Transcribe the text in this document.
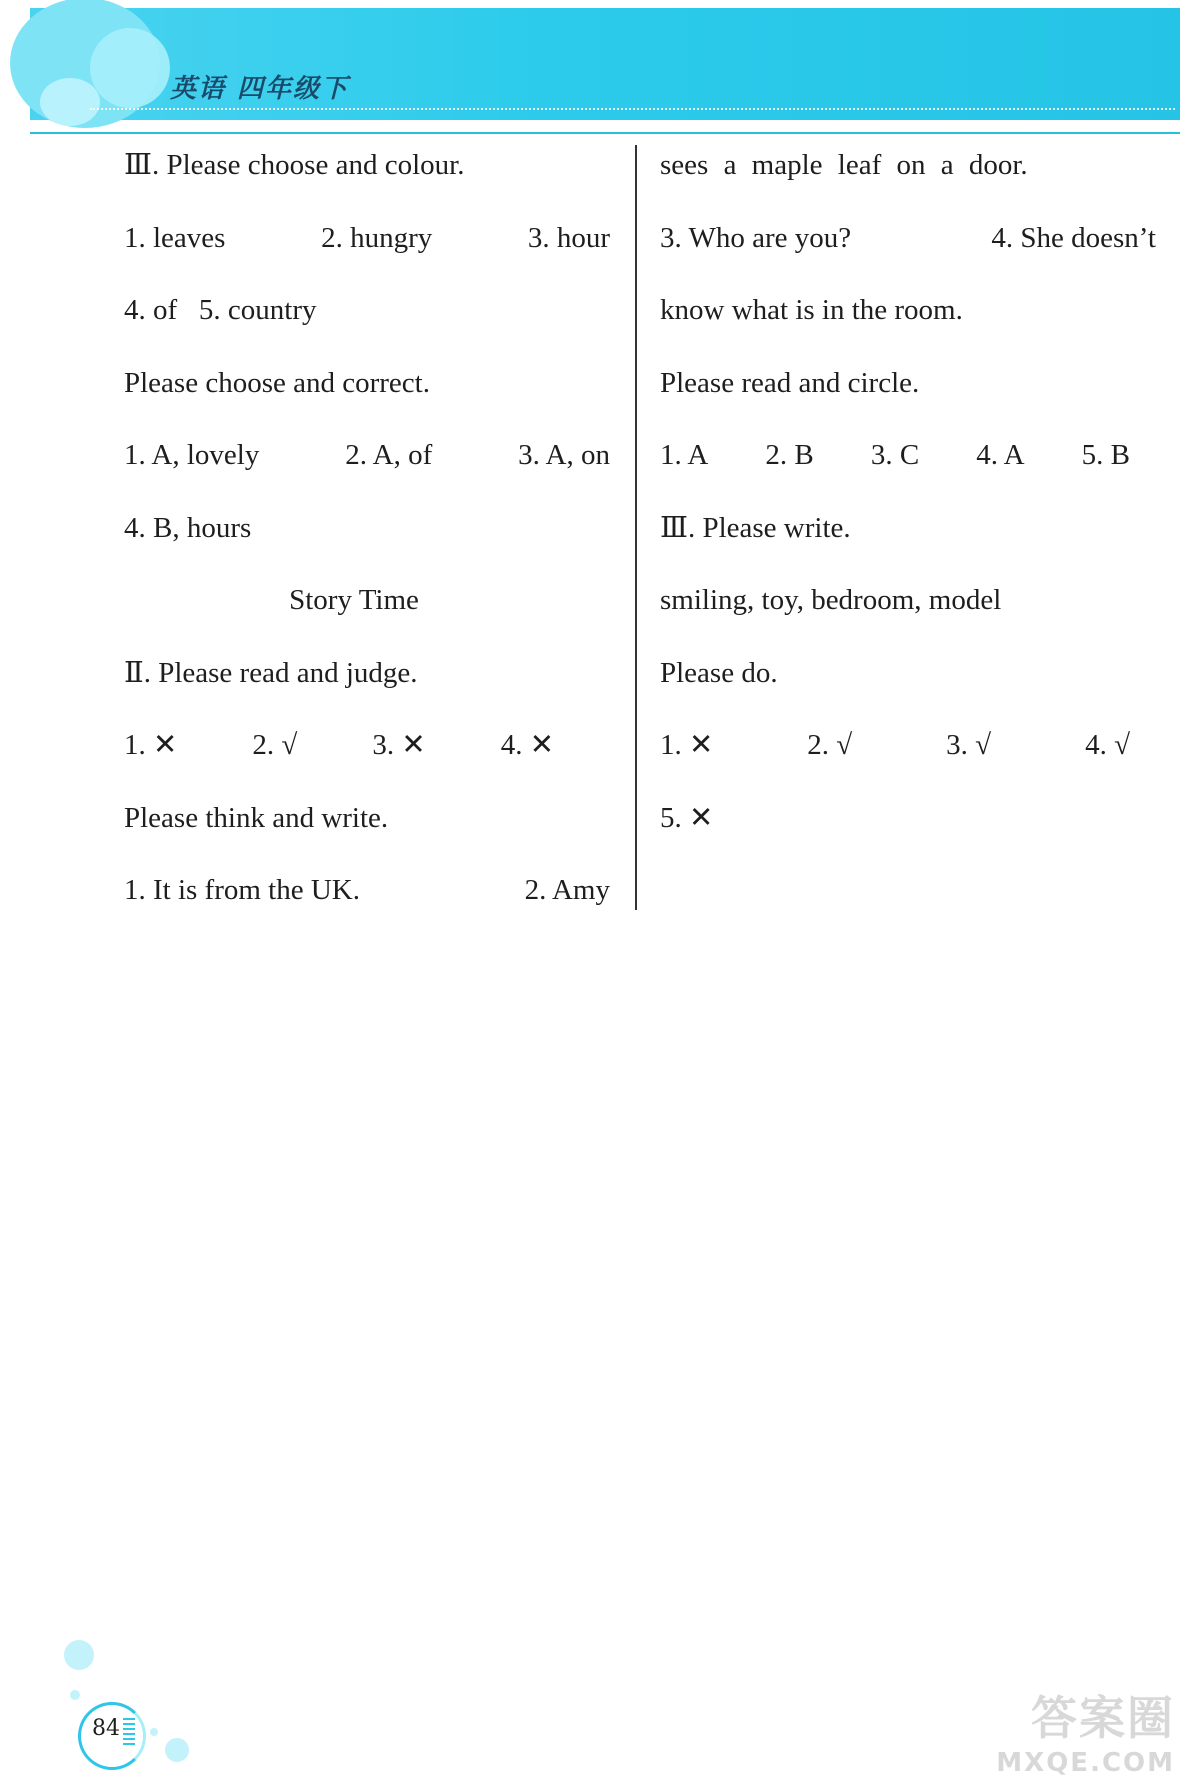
英语 四年级下
Ⅲ. Please choose and colour.
1. leaves	2. hungry	3. hour
4. of   5. country
Please choose and correct.
1. A, lovely	2. A, of	3. A, on
4. B, hours
Story Time
Ⅱ. Please read and judge.
1. ✕	2. √	3. ✕	4. ✕
Please think and write.
1. It is from the UK.	2. Amy
sees a maple leaf on a door.
3. Who are you?	4. She doesn’t
know what is in the room.
Please read and circle.
1. A 2. B 3. C 4. A 5. B
Ⅲ. Please write.
smiling, toy, bedroom, model
Please do.
1. ✕	2. √	3. √	4. √
5. ✕
84	答案圈
MXQE.COM
